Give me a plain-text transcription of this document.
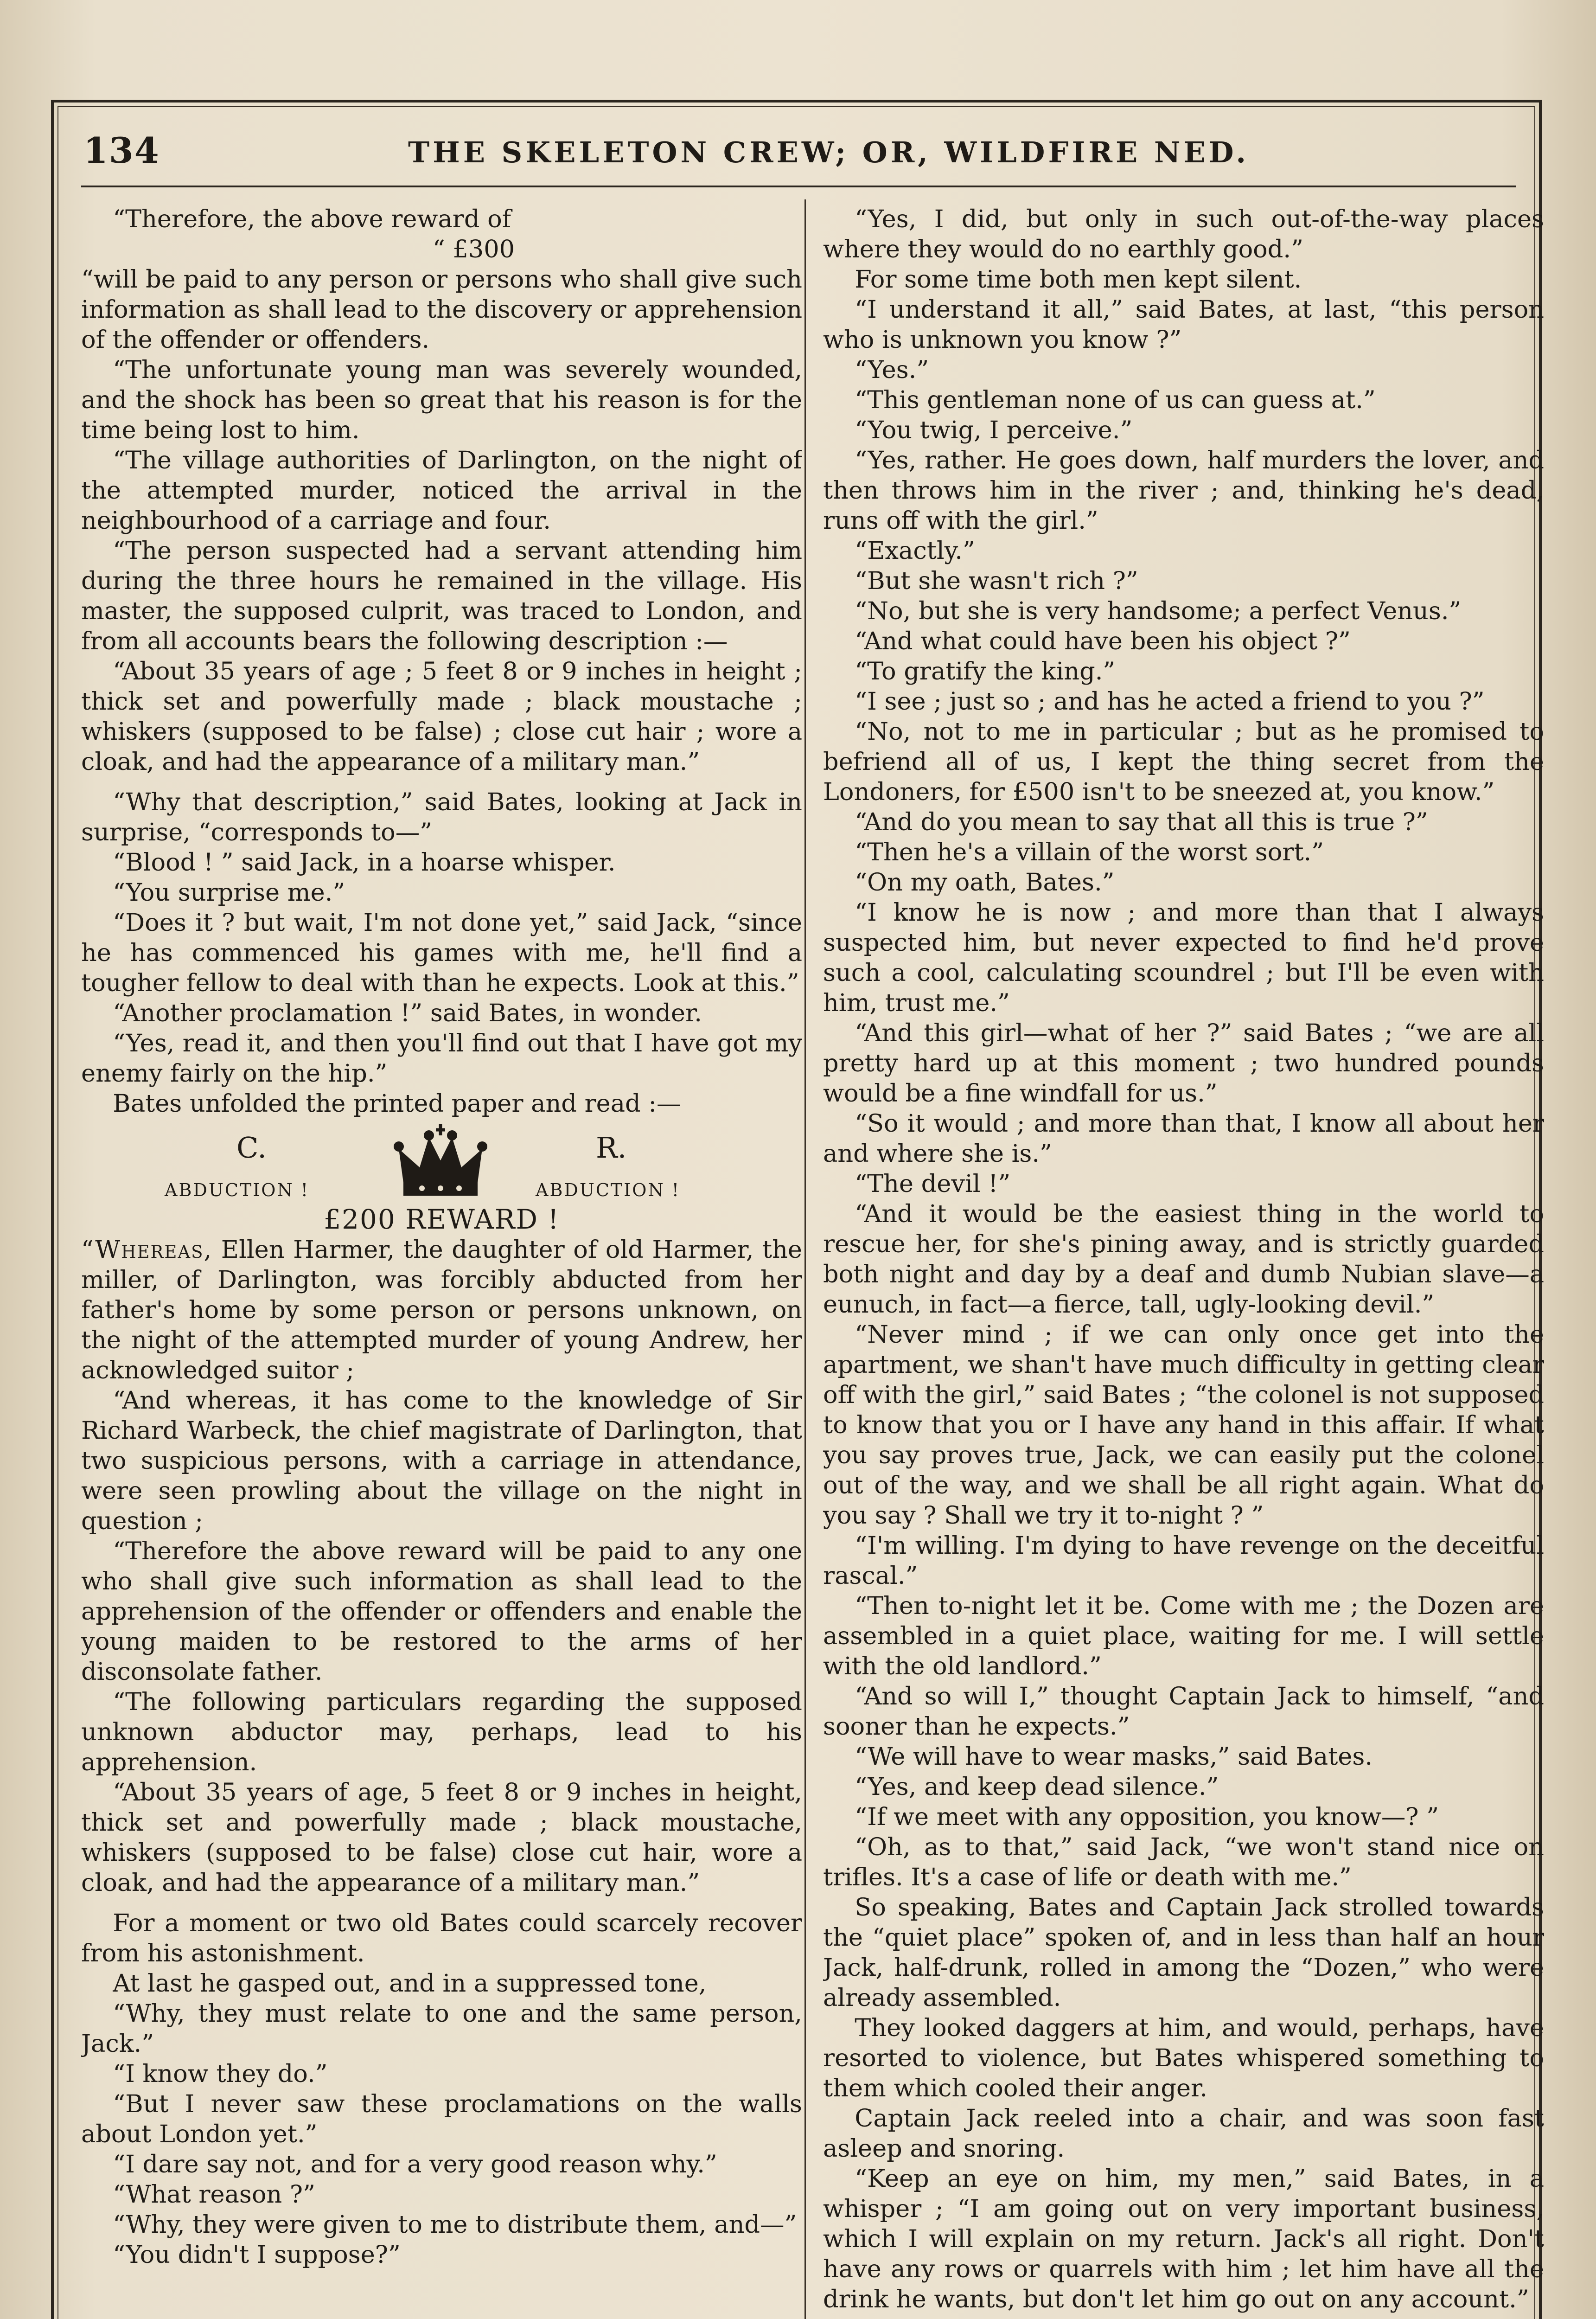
134	THE SKELETON CREW; OR, WILDFIRE NED.

“Therefore, the above reward of

“ £300

“will be paid to any person or persons who shall give such information as shall lead to the discovery or apprehension of the offender or offenders.

“The unfortunate young man was severely wounded, and the shock has been so great that his reason is for the time being lost to him.

“The village authorities of Darlington, on the night of the attempted murder, noticed the arrival in the neighbourhood of a carriage and four.

“The person suspected had a servant attending him during the three hours he remained in the village. His master, the supposed culprit, was traced to London, and from all accounts bears the following description :—

“About 35 years of age ; 5 feet 8 or 9 inches in height ; thick set and powerfully made ; black moustache ; whiskers (supposed to be false) ; close cut hair ; wore a cloak, and had the appearance of a military man.”

“Why that description,” said Bates, looking at Jack in surprise, “corresponds to—”

“Blood ! ” said Jack, in a hoarse whisper.

“You surprise me.”

“Does it ? but wait, I'm not done yet,” said Jack, “since he has commenced his games with me, he'll find a tougher fellow to deal with than he expects. Look at this.”

“Another proclamation !” said Bates, in wonder.

“Yes, read it, and then you'll find out that I have got my enemy fairly on the hip.”

Bates unfolded the printed paper and read :—

C.	R.
ABDUCTION !	ABDUCTION !

£200 REWARD !

“Whereas, Ellen Harmer, the daughter of old Harmer, the miller, of Darlington, was forcibly abducted from her father's home by some person or persons unknown, on the night of the attempted murder of young Andrew, her acknowledged suitor ;

“And whereas, it has come to the knowledge of Sir Richard Warbeck, the chief magistrate of Darlington, that two suspicious persons, with a carriage in attendance, were seen prowling about the village on the night in question ;

“Therefore the above reward will be paid to any one who shall give such information as shall lead to the apprehension of the offender or offenders and enable the young maiden to be restored to the arms of her disconsolate father.

“The following particulars regarding the supposed unknown abductor may, perhaps, lead to his apprehension.

“About 35 years of age, 5 feet 8 or 9 inches in height, thick set and powerfully made ; black moustache, whiskers (supposed to be false) close cut hair, wore a cloak, and had the appearance of a military man.”

For a moment or two old Bates could scarcely recover from his astonishment.

At last he gasped out, and in a suppressed tone,

“Why, they must relate to one and the same person, Jack.”

“I know they do.”

“But I never saw these proclamations on the walls about London yet.”

“I dare say not, and for a very good reason why.”

“What reason ?”

“Why, they were given to me to distribute them, and—”

“You didn't I suppose?”

“Yes, I did, but only in such out-of-the-way places where they would do no earthly good.”

For some time both men kept silent.

“I understand it all,” said Bates, at last, “this person who is unknown you know ?”

“Yes.”

“This gentleman none of us can guess at.”

“You twig, I perceive.”

“Yes, rather. He goes down, half murders the lover, and then throws him in the river ; and, thinking he's dead, runs off with the girl.”

“Exactly.”

“But she wasn't rich ?”

“No, but she is very handsome; a perfect Venus.”

“And what could have been his object ?”

“To gratify the king.”

“I see ; just so ; and has he acted a friend to you ?”

“No, not to me in particular ; but as he promised to befriend all of us, I kept the thing secret from the Londoners, for £500 isn't to be sneezed at, you know.”

“And do you mean to say that all this is true ?”

“Then he's a villain of the worst sort.”

“On my oath, Bates.”

“I know he is now ; and more than that I always suspected him, but never expected to find he'd prove such a cool, calculating scoundrel ; but I'll be even with him, trust me.”

“And this girl—what of her ?” said Bates ; “we are all pretty hard up at this moment ; two hundred pounds would be a fine windfall for us.”

“So it would ; and more than that, I know all about her and where she is.”

“The devil !”

“And it would be the easiest thing in the world to rescue her, for she's pining away, and is strictly guarded both night and day by a deaf and dumb Nubian slave—a eunuch, in fact—a fierce, tall, ugly-looking devil.”

“Never mind ; if we can only once get into the apartment, we shan't have much difficulty in getting clear off with the girl,” said Bates ; “the colonel is not supposed to know that you or I have any hand in this affair. If what you say proves true, Jack, we can easily put the colonel out of the way, and we shall be all right again. What do you say ? Shall we try it to-night ? ”

“I'm willing. I'm dying to have revenge on the deceitful rascal.”

“Then to-night let it be. Come with me ; the Dozen are assembled in a quiet place, waiting for me. I will settle with the old landlord.”

“And so will I,” thought Captain Jack to himself, “and sooner than he expects.”

“We will have to wear masks,” said Bates.

“Yes, and keep dead silence.”

“If we meet with any opposition, you know—? ”

“Oh, as to that,” said Jack, “we won't stand nice on trifles. It's a case of life or death with me.”

So speaking, Bates and Captain Jack strolled towards the “quiet place” spoken of, and in less than half an hour Jack, half-drunk, rolled in among the “Dozen,” who were already assembled.

They looked daggers at him, and would, perhaps, have resorted to violence, but Bates whispered something to them which cooled their anger.

Captain Jack reeled into a chair, and was soon fast asleep and snoring.

“Keep an eye on him, my men,” said Bates, in a whisper ; “I am going out on very important business, which I will explain on my return. Jack's all right. Don't have any rows or quarrels with him ; let him have all the drink he wants, but don't let him go out on any account.”
